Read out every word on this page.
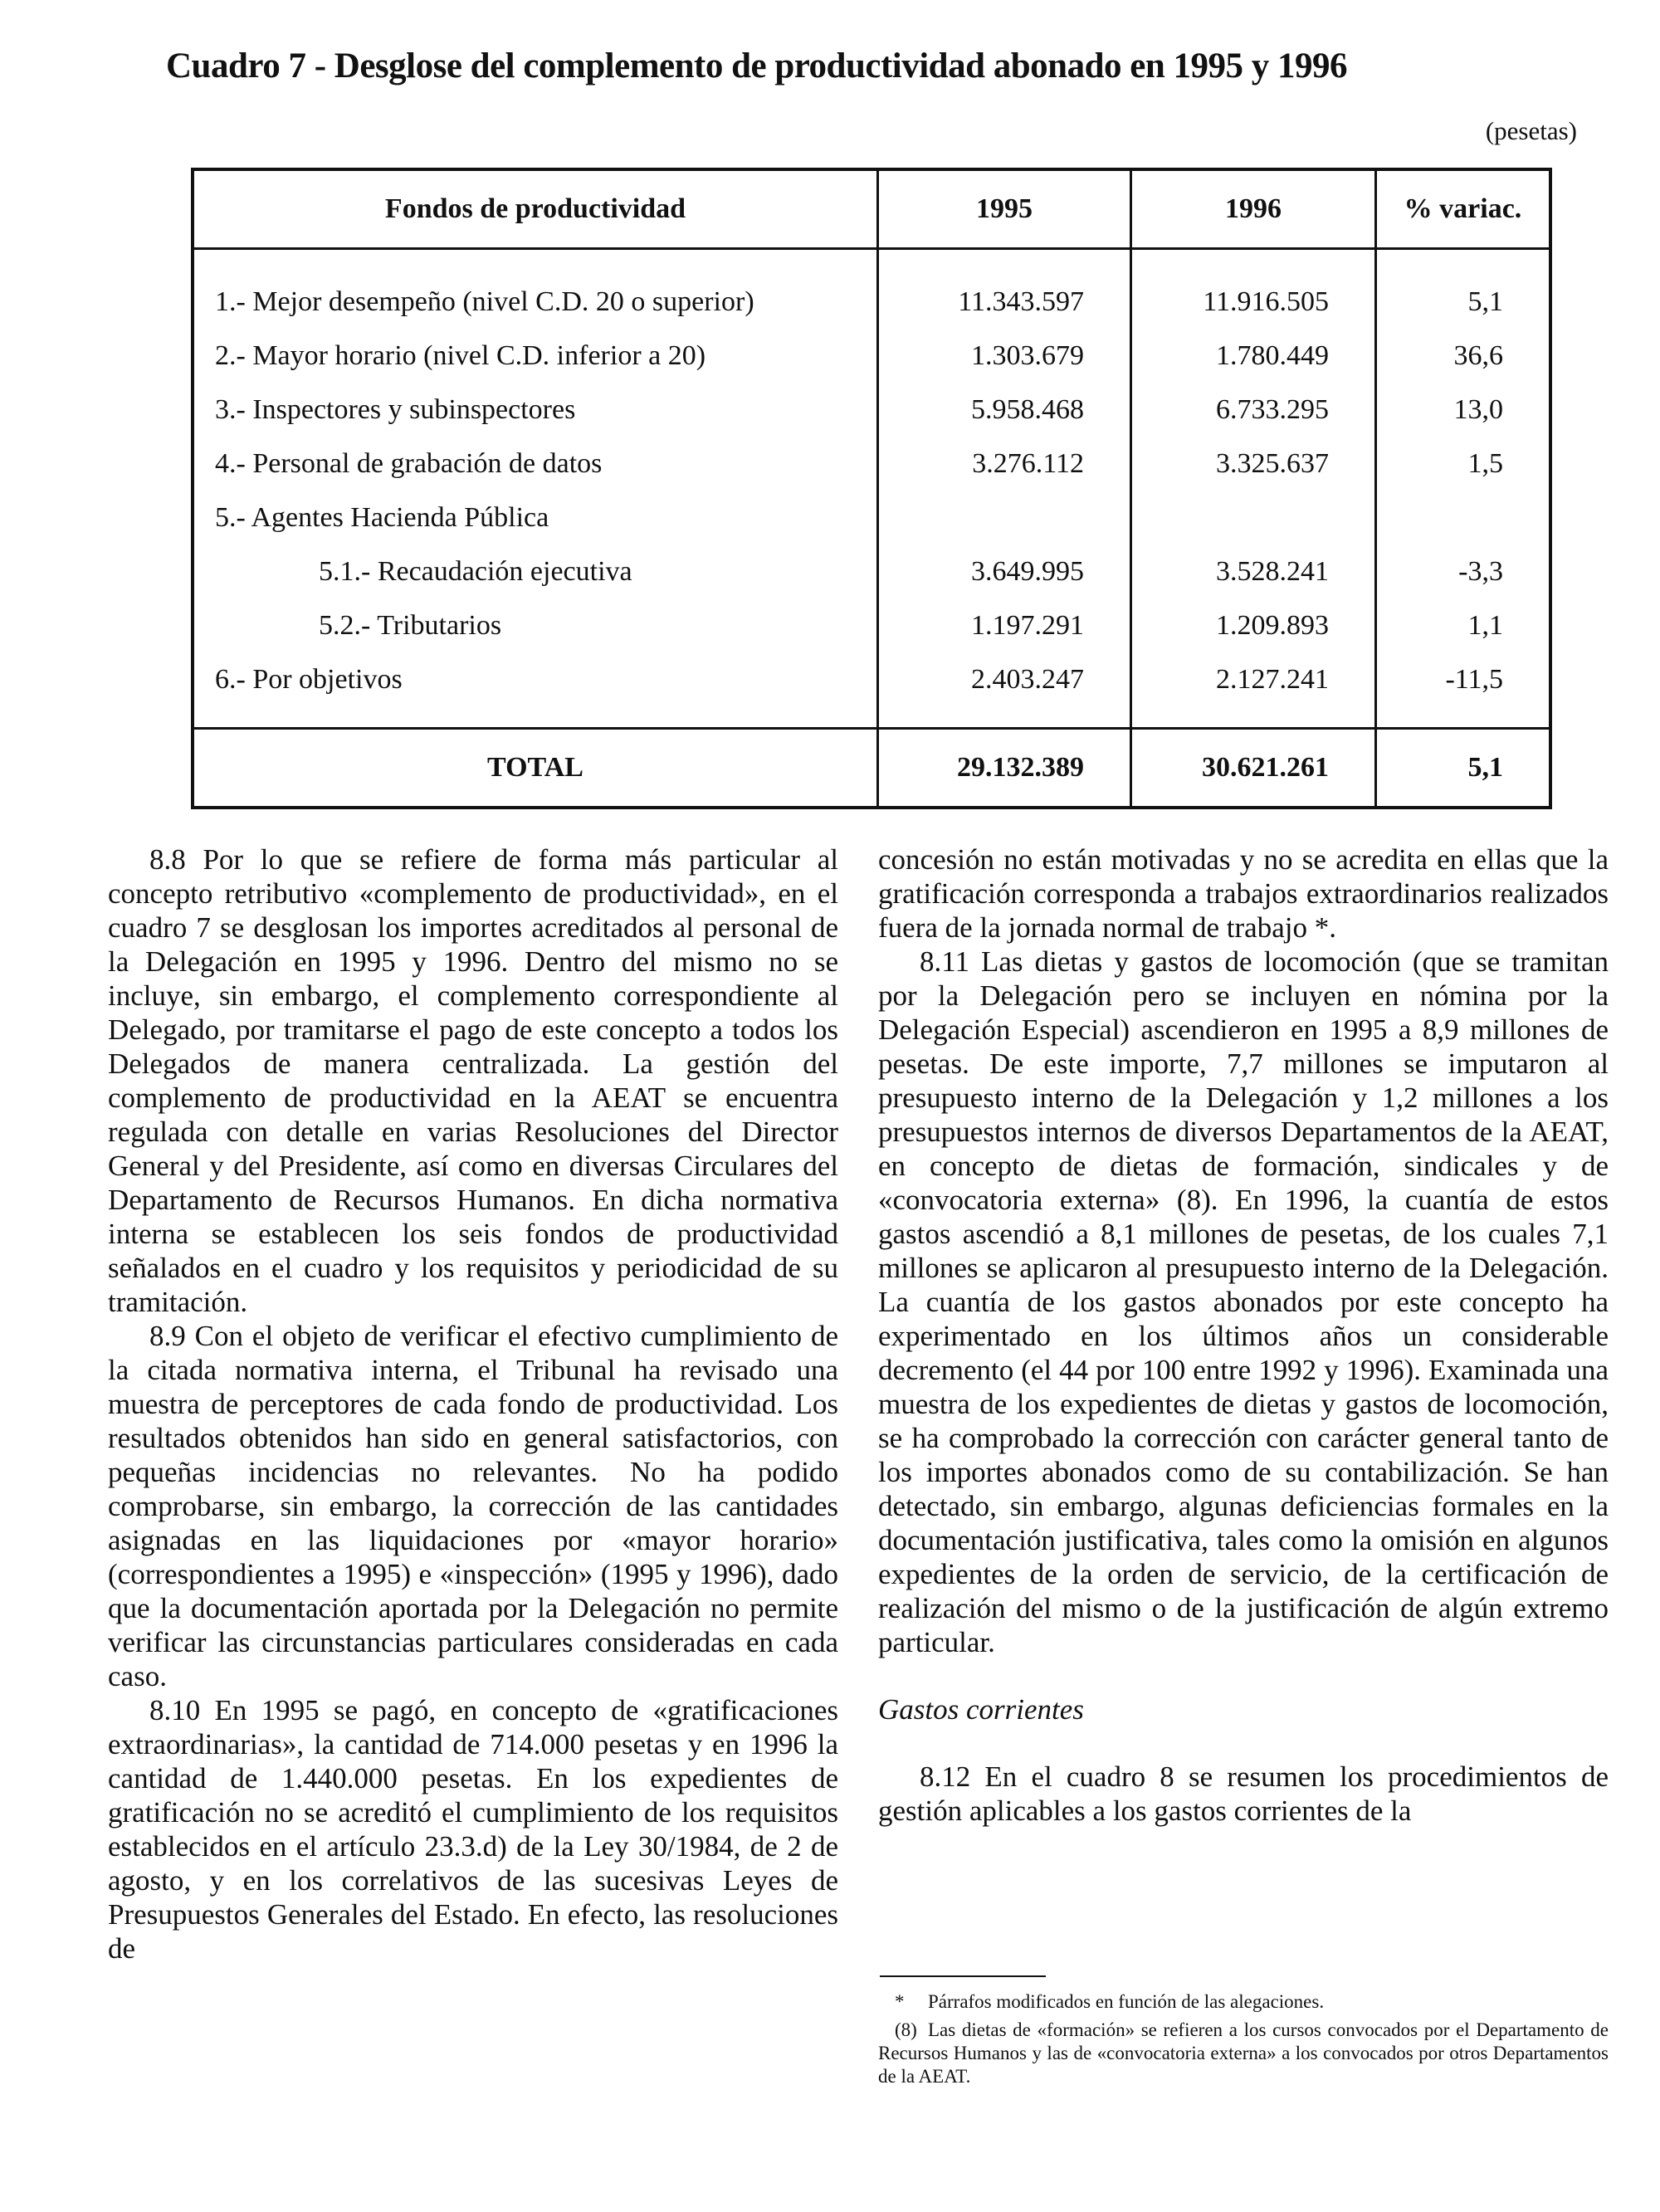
Cuadro 7 - Desglose del complemento de productividad abonado en 1995 y 1996
(pesetas)
Fondos de productividad	1995	1996	% variac.
1.- Mejor desempeño (nivel C.D. 20 o superior)	11.343.597	11.916.505	5,1
2.- Mayor horario (nivel C.D. inferior a 20)	1.303.679	1.780.449	36,6
3.- Inspectores y subinspectores	5.958.468	6.733.295	13,0
4.- Personal de grabación de datos	3.276.112	3.325.637	1,5
5.- Agentes Hacienda Pública			
5.1.- Recaudación ejecutiva	3.649.995	3.528.241	-3,3
5.2.- Tributarios	1.197.291	1.209.893	1,1
6.- Por objetivos	2.403.247	2.127.241	-11,5
TOTAL	29.132.389	30.621.261	5,1

8.8 Por lo que se refiere de forma más particular al concepto retributivo «complemento de productividad», en el cuadro 7 se desglosan los importes acreditados al personal de la Delegación en 1995 y 1996. Dentro del mismo no se incluye, sin embargo, el complemento correspondiente al Delegado, por tramitarse el pago de este concepto a todos los Delegados de manera centralizada. La gestión del complemento de productividad en la AEAT se encuentra regulada con detalle en varias Resoluciones del Director General y del Presidente, así como en diversas Circulares del Departamento de Recursos Humanos. En dicha normativa interna se establecen los seis fondos de productividad señalados en el cuadro y los requisitos y periodicidad de su tramitación.

8.9 Con el objeto de verificar el efectivo cumplimiento de la citada normativa interna, el Tribunal ha revisado una muestra de perceptores de cada fondo de productividad. Los resultados obtenidos han sido en general satisfactorios, con pequeñas incidencias no relevantes. No ha podido comprobarse, sin embargo, la corrección de las cantidades asignadas en las liquidaciones por «mayor horario» (correspondientes a 1995) e «inspección» (1995 y 1996), dado que la documentación aportada por la Delegación no permite verificar las circunstancias particulares consideradas en cada caso.

8.10 En 1995 se pagó, en concepto de «gratificaciones extraordinarias», la cantidad de 714.000 pesetas y en 1996 la cantidad de 1.440.000 pesetas. En los expedientes de gratificación no se acreditó el cumplimiento de los requisitos establecidos en el artículo 23.3.d) de la Ley 30/1984, de 2 de agosto, y en los correlativos de las sucesivas Leyes de Presupuestos Generales del Estado. En efecto, las resoluciones de

concesión no están motivadas y no se acredita en ellas que la gratificación corresponda a trabajos extraordinarios realizados fuera de la jornada normal de trabajo *.

8.11 Las dietas y gastos de locomoción (que se tramitan por la Delegación pero se incluyen en nómina por la Delegación Especial) ascendieron en 1995 a 8,9 millones de pesetas. De este importe, 7,7 millones se imputaron al presupuesto interno de la Delegación y 1,2 millones a los presupuestos internos de diversos Departamentos de la AEAT, en concepto de dietas de formación, sindicales y de «convocatoria externa» (8). En 1996, la cuantía de estos gastos ascendió a 8,1 millones de pesetas, de los cuales 7,1 millones se aplicaron al presupuesto interno de la Delegación. La cuantía de los gastos abonados por este concepto ha experimentado en los últimos años un considerable decremento (el 44 por 100 entre 1992 y 1996). Examinada una muestra de los expedientes de dietas y gastos de locomoción, se ha comprobado la corrección con carácter general tanto de los importes abonados como de su contabilización. Se han detectado, sin embargo, algunas deficiencias formales en la documentación justificativa, tales como la omisión en algunos expedientes de la orden de servicio, de la certificación de realización del mismo o de la justificación de algún extremo particular.

Gastos corrientes

8.12 En el cuadro 8 se resumen los procedimientos de gestión aplicables a los gastos corrientes de la

* Párrafos modificados en función de las alegaciones.

(8) Las dietas de «formación» se refieren a los cursos convocados por el Departamento de Recursos Humanos y las de «convocatoria externa» a los convocados por otros Departamentos de la AEAT.
